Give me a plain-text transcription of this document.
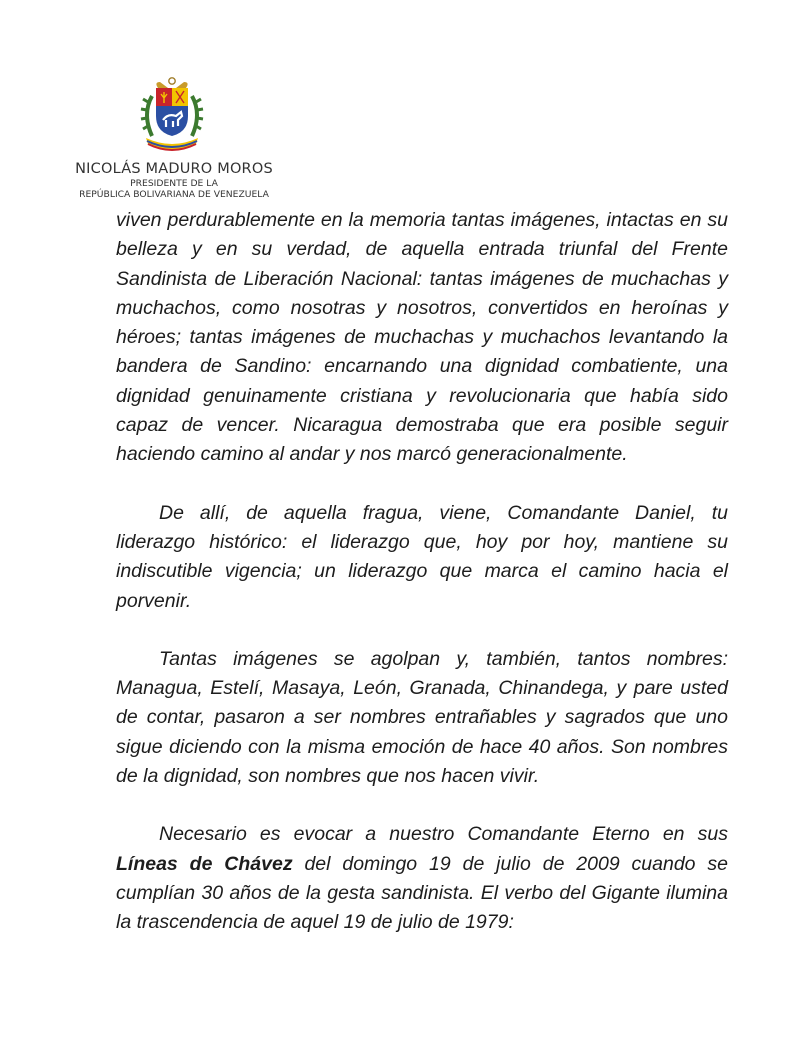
NICOLÁS MADURO MOROS
PRESIDENTE DE LA
REPÚBLICA BOLIVARIANA DE VENEZUELA

viven perdurablemente en la memoria tantas imágenes, intactas en su belleza y en su verdad, de aquella entrada triunfal del Frente Sandinista de Liberación Nacional: tantas imágenes de muchachas y muchachos, como nosotras y nosotros, convertidos en heroínas y héroes; tantas imágenes de muchachas y muchachos levantando la bandera de Sandino: encarnando una dignidad combatiente, una dignidad genuinamente cristiana y revolucionaria que había sido capaz de vencer. Nicaragua demostraba que era posible seguir haciendo camino al andar y nos marcó generacionalmente.

De allí, de aquella fragua, viene, Comandante Daniel, tu liderazgo histórico: el liderazgo que, hoy por hoy, mantiene su indiscutible vigencia; un liderazgo que marca el camino hacia el porvenir.

Tantas imágenes se agolpan y, también, tantos nombres: Managua, Estelí, Masaya, León, Granada, Chinandega, y pare usted de contar, pasaron a ser nombres entrañables y sagrados que uno sigue diciendo con la misma emoción de hace 40 años. Son nombres de la dignidad, son nombres que nos hacen vivir.

Necesario es evocar a nuestro Comandante Eterno en sus Líneas de Chávez del domingo 19 de julio de 2009 cuando se cumplían 30 años de la gesta sandinista. El verbo del Gigante ilumina la trascendencia de aquel 19 de julio de 1979:
